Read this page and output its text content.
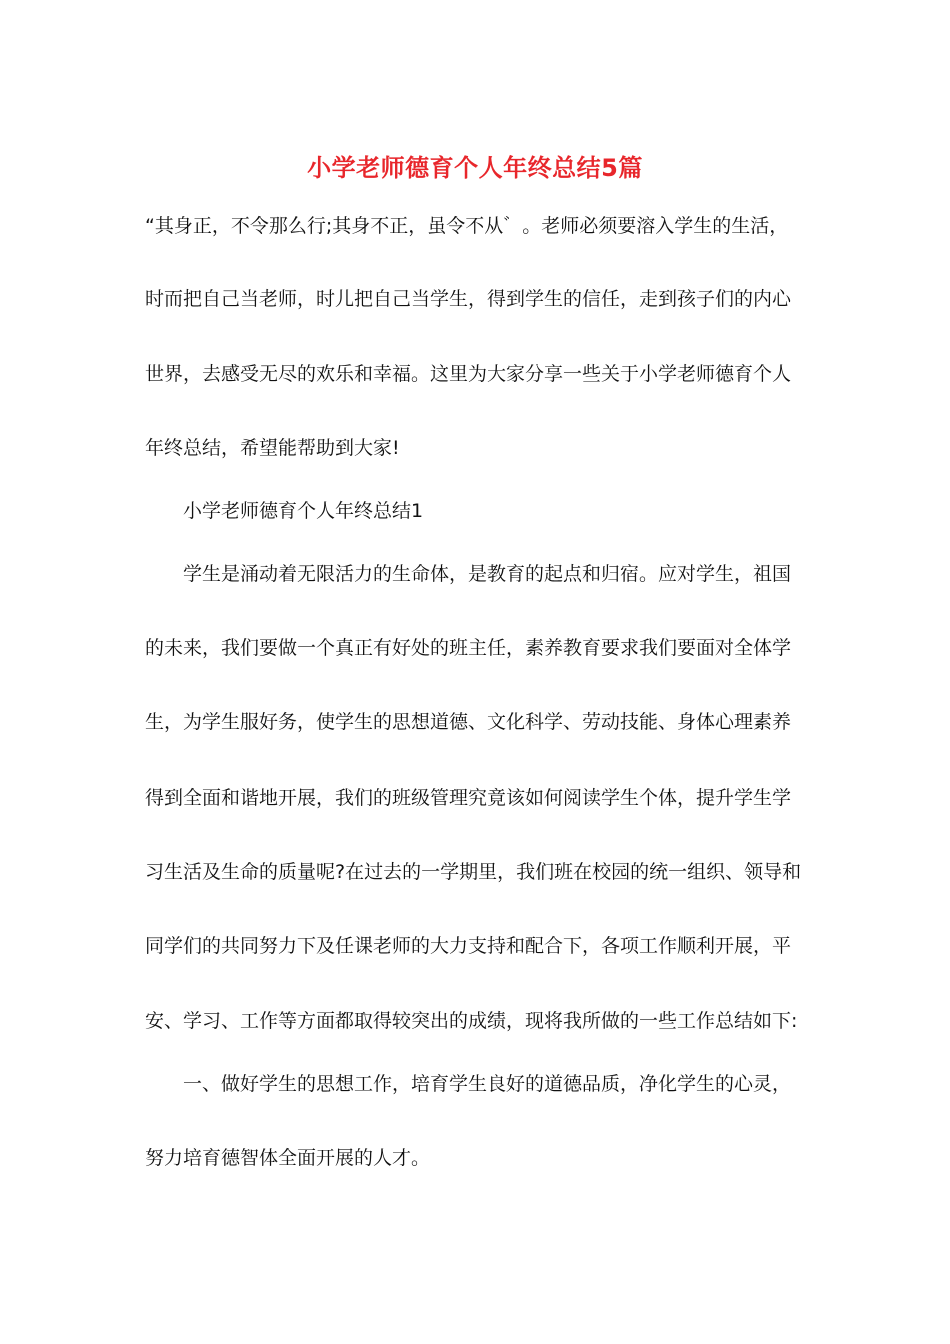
小学老师德育个人年终总结5篇

“其身正，不令那么行;其身不正，虽令不从゛。老师必须要溶入学生的生活，

时而把自己当老师，时儿把自己当学生，得到学生的信任，走到孩子们的内心

世界，去感受无尽的欢乐和幸福。这里为大家分享一些关于小学老师德育个人

年终总结，希望能帮助到大家!

小学老师德育个人年终总结1

学生是涌动着无限活力的生命体，是教育的起点和归宿。应对学生，祖国

的未来，我们要做一个真正有好处的班主任，素养教育要求我们要面对全体学

生，为学生服好务，使学生的思想道德、文化科学、劳动技能、身体心理素养

得到全面和谐地开展，我们的班级管理究竟该如何阅读学生个体，提升学生学

习生活及生命的质量呢?在过去的一学期里，我们班在校园的统一组织、领导和

同学们的共同努力下及任课老师的大力支持和配合下，各项工作顺利开展，平

安、学习、工作等方面都取得较突出的成绩，现将我所做的一些工作总结如下:

一、做好学生的思想工作，培育学生良好的道德品质，净化学生的心灵，

努力培育德智体全面开展的人才。
